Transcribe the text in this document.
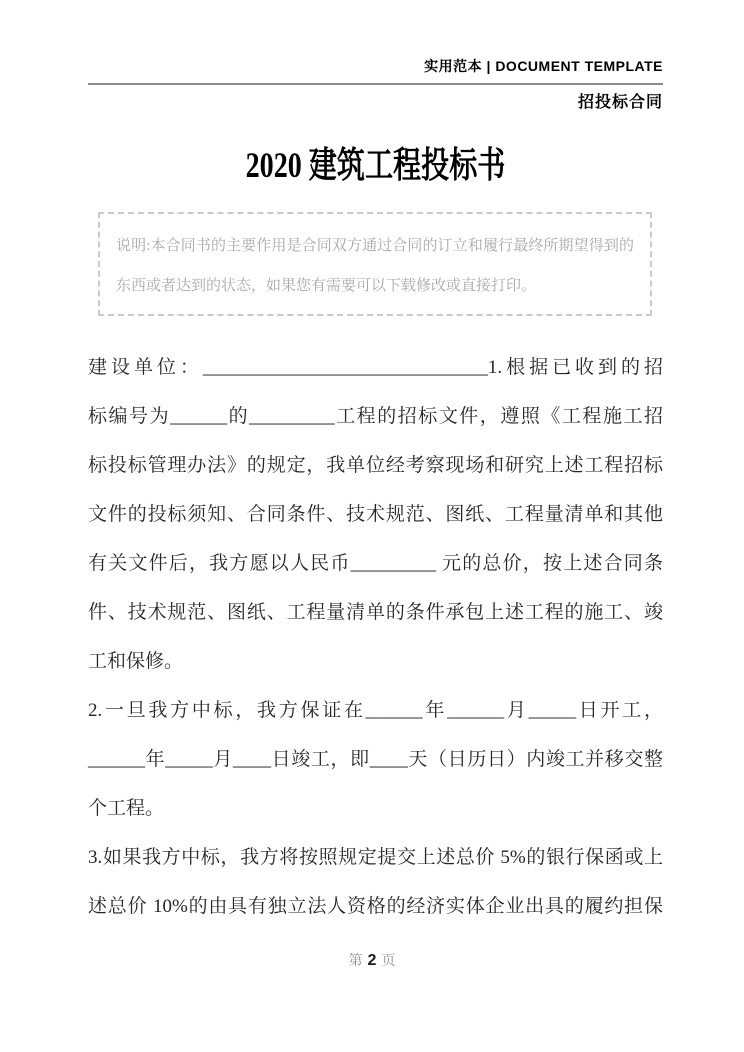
实用范本 | DOCUMENT TEMPLATE
招投标合同
2020 建筑工程投标书
说明:本合同书的主要作用是合同双方通过合同的订立和履行最终所期望得到的东西或者达到的状态，如果您有需要可以下载修改或直接打印。
建设单位：______________________________1.根据已收到的招
标编号为______的_________工程的招标文件，遵照《工程施工招
标投标管理办法》的规定，我单位经考察现场和研究上述工程招标
文件的投标须知、合同条件、技术规范、图纸、工程量清单和其他
有关文件后，我方愿以人民币_________ 元的总价，按上述合同条
件、技术规范、图纸、工程量清单的条件承包上述工程的施工、竣
工和保修。
2.一旦我方中标，我方保证在______年______月_____日开工，
______年_____月____日竣工，即____天（日历日）内竣工并移交整
个工程。
3.如果我方中标，我方将按照规定提交上述总价 5%的银行保函或上
述总价 10%的由具有独立法人资格的经济实体企业出具的履约担保
第 2 页
